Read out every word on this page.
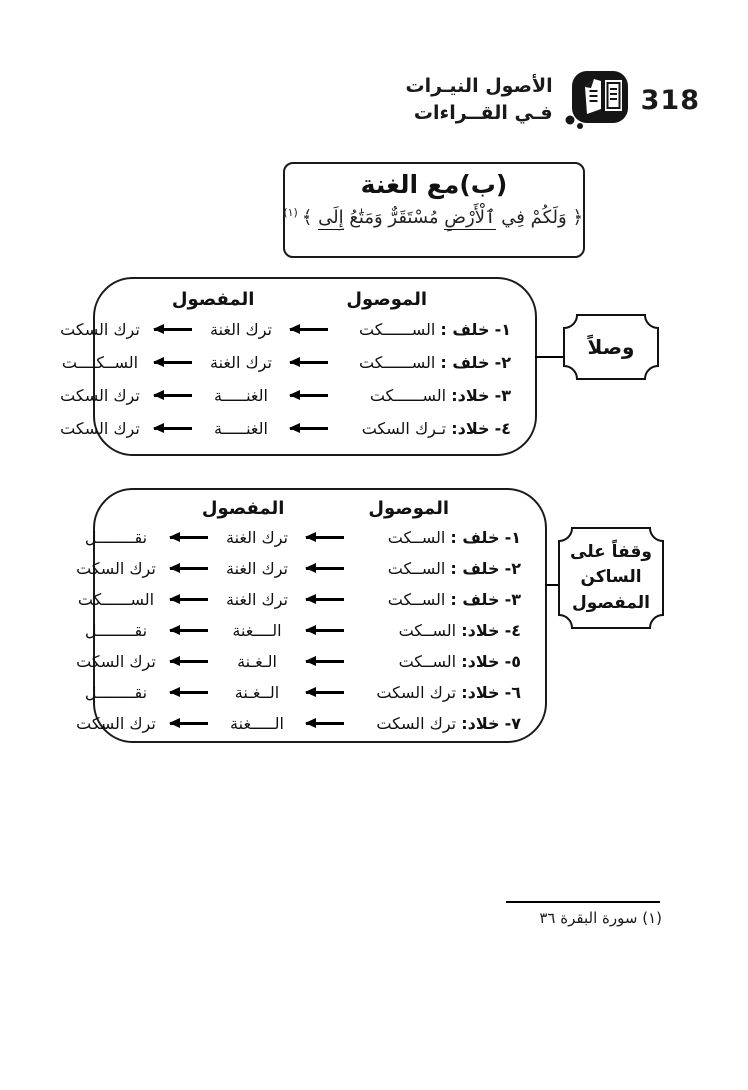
الأصول النيـرات
فـي القــراءات	318
(ب)مع الغنة
﴿ وَلَكُمْ فِي ٱلْأَرْضِ مُسْتَقَرٌّ وَمَتَٰعُ إِلَى ﴾$^{(١)}$
الموصول
المفصول
١- خلف : الســــــكت
ترك الغنة
ترك السكت
٢- خلف : الســــــكت
ترك الغنة
الســكــــت
٣- خلاد: الســــــكت
الغنـــــة
ترك السكت
٤- خلاد: تـرك السكت
الغنـــــة
ترك السكت
وصلاً
الموصول
المفصول
١- خلف : الســكت
ترك الغنة
نقــــــــل
٢- خلف : الســكت
ترك الغنة
ترك السكت
٣- خلف : الســكت
ترك الغنة
الســــــكت
٤- خلاد: الســكت
الــــغنة
نقــــــــل
٥- خلاد: الســكت
الـغـنة
ترك السكت
٦- خلاد: ترك السكت
الــغـنة
نقــــــــل
٧- خلاد: ترك السكت
الـــــغنة
ترك السكت
وقفاً على
الساكن
المفصول
(١) سورة البقرة ٣٦
